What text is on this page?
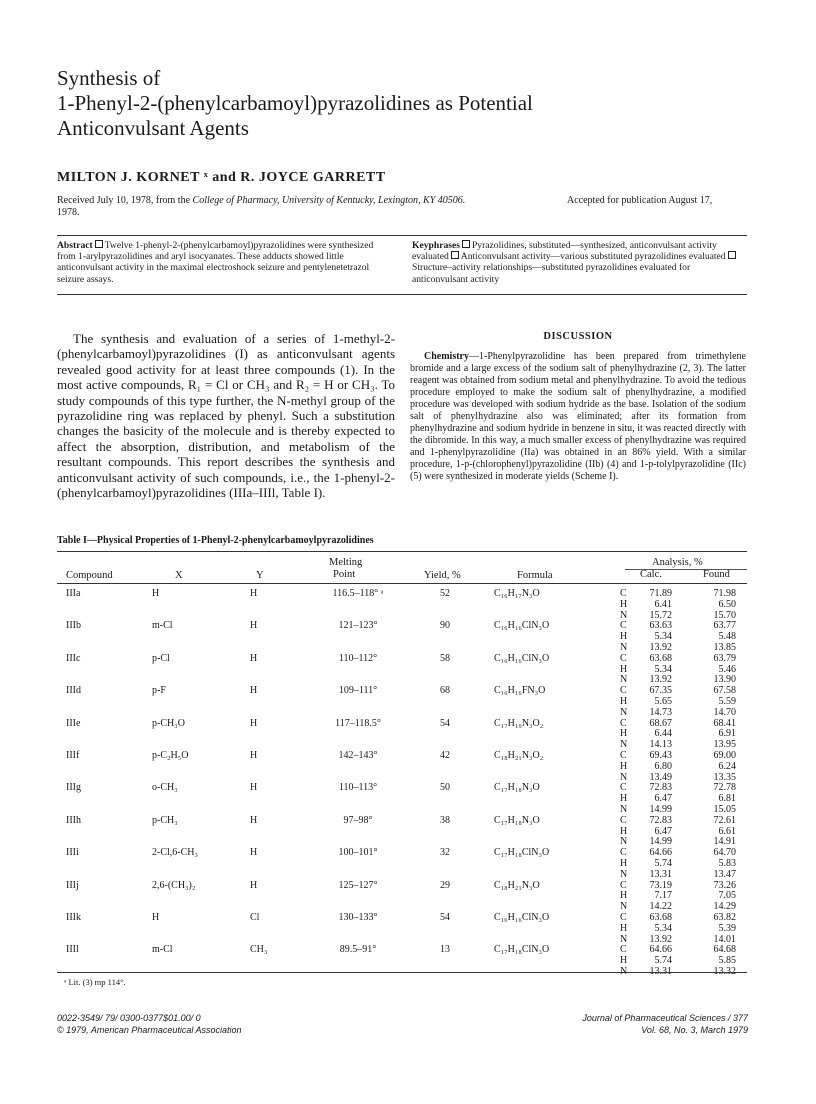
Synthesis of
1-Phenyl-2-(phenylcarbamoyl)pyrazolidines as Potential
Anticonvulsant Agents
MILTON J. KORNET ˣ and R. JOYCE GARRETT
Received July 10, 1978, from the College of Pharmacy, University of Kentucky, Lexington, KY 40506.
1978.
Accepted for publication August 17,
Abstract Twelve 1-phenyl-2-(phenylcarbamoyl)pyrazolidines were synthesized from 1-arylpyrazolidines and aryl isocyanates. These adducts showed little anticonvulsant activity in the maximal electroshock seizure and pentylenetetrazol seizure assays.
Keyphrases Pyrazolidines, substituted—synthesized, anticonvulsant activity evaluated Anticonvulsant activity—various substituted pyrazolidines evaluatedStructure–activity relationships—substituted pyrazolidines evaluated for anticonvulsant activity
The synthesis and evaluation of a series of 1-methyl-2-(phenylcarbamoyl)pyrazolidines (I) as anticonvulsant agents revealed good activity for at least three compounds (1). In the most active compounds, R₁ = Cl or CH₃ and R₂ = H or CH₃. To study compounds of this type further, the N-methyl group of the pyrazolidine ring was replaced by phenyl. Such a substitution changes the basicity of the molecule and is thereby expected to affect the absorption, distribution, and metabolism of the resultant compounds. This report describes the synthesis and anticonvulsant activity of such compounds, i.e., the 1-phenyl-2-(phenylcarbamoyl)pyrazolidines (IIIa–IIIl, Table I).
DISCUSSION
Chemistry—1-Phenylpyrazolidine has been prepared from trimethylene bromide and a large excess of the sodium salt of phenylhydrazine (2, 3). The latter reagent was obtained from sodium metal and phenylhydrazine. To avoid the tedious procedure employed to make the sodium salt of phenylhydrazine, a modified procedure was developed with sodium hydride as the base. Isolation of the sodium salt of phenylhydrazine also was eliminated; after its formation from phenylhydrazine and sodium hydride in benzene in situ, it was reacted directly with the dibromide. In this way, a much smaller excess of phenylhydrazine was required and 1-phenylpyrazolidine (IIa) was obtained in an 86% yield. With a similar procedure, 1-p-(chlorophenyl)pyrazolidine (IIb) (4) and 1-p-tolylpyrazolidine (IIc) (5) were synthesized in moderate yields (Scheme I).
Table I—Physical Properties of 1-Phenyl-2-phenylcarbamoylpyrazolidines
Compound	X	Y
Melting
Point	Yield, %	Formula
Analysis, %
Calc.	Found
IIIa	H	H	116.5–118° ᵃ	52	C₁₆H₁₇N₃O	C	71.89	71.98
H	6.41	6.50
N	15.72	15.70
IIIb	m-Cl	H	121–123°	90	C₁₆H₁₆ClN₃O	C	63.63	63.77
H	5.34	5.48
N	13.92	13.85
IIIc	p-Cl	H	110–112°	58	C₁₆H₁₆ClN₃O	C	63.68	63.79
H	5.34	5.46
N	13.92	13.90
IIId	p-F	H	109–111°	68	C₁₆H₁₆FN₃O	C	67.35	67.58
H	5.65	5.59
N	14.73	14.70
IIIe	p-CH₃O	H	117–118.5°	54	C₁₇H₁₉N₃O₂	C	68.67	68.41
H	6.44	6.91
N	14.13	13.95
IIIf	p-C₂H₅O	H	142–143°	42	C₁₈H₂₁N₃O₂	C	69.43	69.00
H	6.80	6.24
N	13.49	13.35
IIIg	o-CH₃	H	110–113°	50	C₁₇H₁₈N₃O	C	72.83	72.78
H	6.47	6.81
N	14.99	15.05
IIIh	p-CH₃	H	97–98°	38	C₁₇H₁₈N₃O	C	72.83	72.61
H	6.47	6.61
N	14.99	14.91
IIIi	2-Cl,6-CH₃	H	100–101°	32	C₁₇H₁₈ClN₃O	C	64.66	64.70
H	5.74	5.83
N	13.31	13.47
IIIj	2,6-(CH₃)₂	H	125–127°	29	C₁₈H₂₁N₃O	C	73.19	73.26
H	7.17	7.05
N	14.22	14.29
IIIk	H	Cl	130–133°	54	C₁₆H₁₆ClN₃O	C	63.68	63.82
H	5.34	5.39
N	13.92	14.01
IIIl	m-Cl	CH₃	89.5–91°	13	C₁₇H₁₈ClN₃O	C	64.66	64.68
H	5.74	5.85
N	13.31	13.32
ᵃ Lit. (3) mp 114°.
0022-3549/ 79/ 0300-0377$01.00/ 0
© 1979, American Pharmaceutical Association
Journal of Pharmaceutical Sciences / 377
Vol. 68, No. 3, March 1979
